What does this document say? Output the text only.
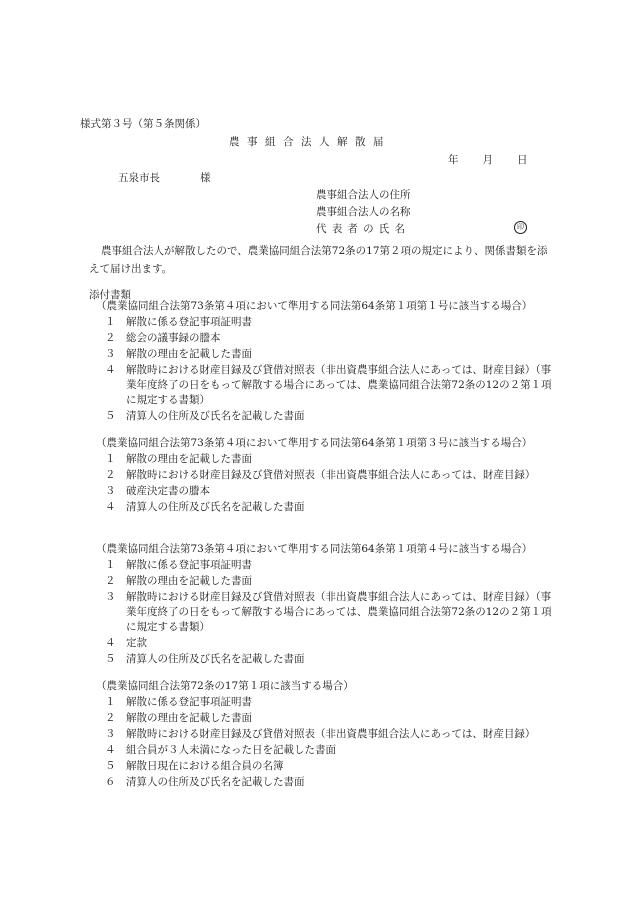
様式第３号（第５条関係）
農事組合法人解散届
年 月 日
五泉市長	様
農事組合法人の住所
農事組合法人の名称
代表者の氏名	印
農事組合法人が解散したので、農業協同組合法第72条の17第２項の規定により、関係書類を添えて届け出ます。
添付書類

（農業協同組合法第73条第４項において準用する同法第64条第１項第１号に該当する場合）

１ 解散に係る登記事項証明書

２ 総会の議事録の謄本

３ 解散の理由を記載した書面

４ 解散時における財産目録及び貸借対照表（非出資農事組合法人にあっては、財産目録）（事業年度終了の日をもって解散する場合にあっては、農業協同組合法第72条の12の２第１項に規定する書類）

５ 清算人の住所及び氏名を記載した書面

（農業協同組合法第73条第４項において準用する同法第64条第１項第３号に該当する場合）

１ 解散の理由を記載した書面

２ 解散時における財産目録及び貸借対照表（非出資農事組合法人にあっては、財産目録）

３ 破産決定書の謄本

４ 清算人の住所及び氏名を記載した書面

（農業協同組合法第73条第４項において準用する同法第64条第１項第４号に該当する場合）

１ 解散に係る登記事項証明書

２ 解散の理由を記載した書面

３ 解散時における財産目録及び貸借対照表（非出資農事組合法人にあっては、財産目録）（事業年度終了の日をもって解散する場合にあっては、農業協同組合法第72条の12の２第１項に規定する書類）

４ 定款

５ 清算人の住所及び氏名を記載した書面

（農業協同組合法第72条の17第１項に該当する場合）

１ 解散に係る登記事項証明書

２ 解散の理由を記載した書面

３ 解散時における財産目録及び貸借対照表（非出資農事組合法人にあっては、財産目録）

４ 組合員が３人未満になった日を記載した書面

５ 解散日現在における組合員の名簿

６ 清算人の住所及び氏名を記載した書面
